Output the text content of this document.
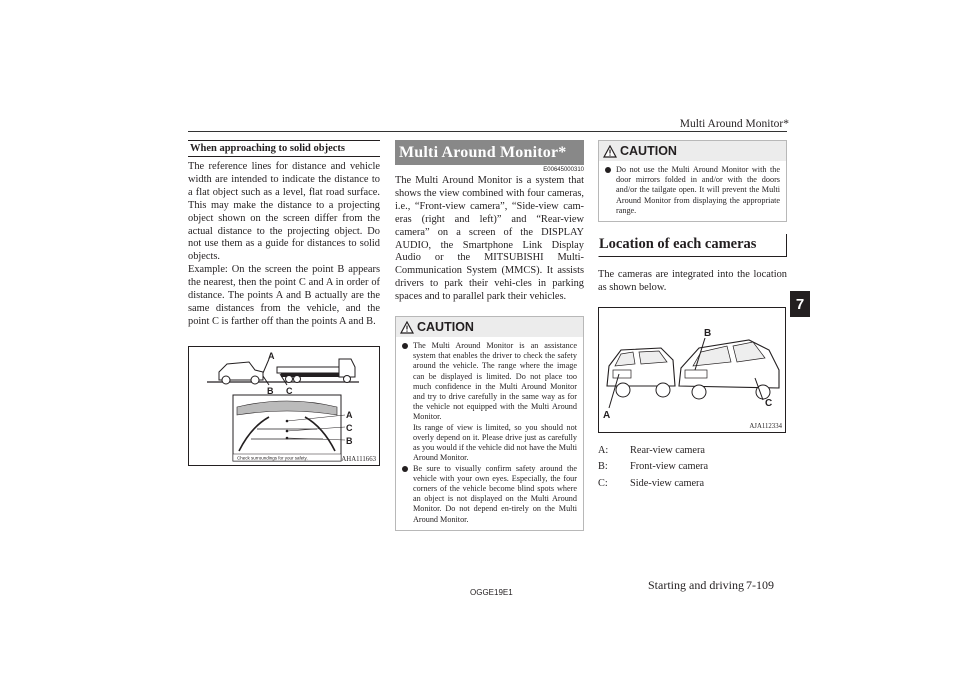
Multi Around Monitor*
7
When approaching to solid objects

The reference lines for distance and vehicle width are intended to indicate the distance to a flat object such as a level, flat road surface. This may make the distance to a projecting object shown on the screen differ from the actual distance to the projecting object. Do not use them as a guide for distances to solid objects.

Example: On the screen the point B appears the nearest, then the point C and A in order of distance. The points A and B actually are the same distances from the vehicle, and the point C is farther off than the points A and B.

Check surroundings for your safety.
A
B C
A
C
B
AHA111663
Multi Around Monitor*
E00645000310

The Multi Around Monitor is a system that shows the view combined with four cameras, i.e., “Front-view camera”, “Side-view cam-eras (right and left)” and “Rear-view camera” on a screen of the DISPLAY AUDIO, the Smartphone Link Display Audio or the MITSUBISHI Multi-Communication System (MMCS). It assists drivers to park their vehi-cles in parking spaces and to parallel park their vehicles.

CAUTION
The Multi Around Monitor is an assistance system that enables the driver to check the safety around the vehicle. The range where the image can be displayed is limited. Do not place too much confidence in the Multi Around Monitor and try to drive carefully in the same way as for the vehicle not equipped with the Multi Around Monitor.
Its range of view is limited, so you should not overly depend on it. Please drive just as carefully as you would if the vehicle did not have the Multi Around Monitor.
Be sure to visually confirm safety around the vehicle with your own eyes. Especially, the four corners of the vehicle become blind spots where an object is not displayed on the Multi Around Monitor. Do not depend en-tirely on the Multi Around Monitor.
CAUTION
Do not use the Multi Around Monitor with the door mirrors folded in and/or with the doors and/or the tailgate open. It will prevent the Multi Around Monitor from displaying the appropriate range.
Location of each cameras

The cameras are integrated into the location as shown below.

A
B
C
AJA112334
A:	Rear-view camera
B:	Front-view camera
C:	Side-view camera
OGGE19E1
Starting and driving 7-109
